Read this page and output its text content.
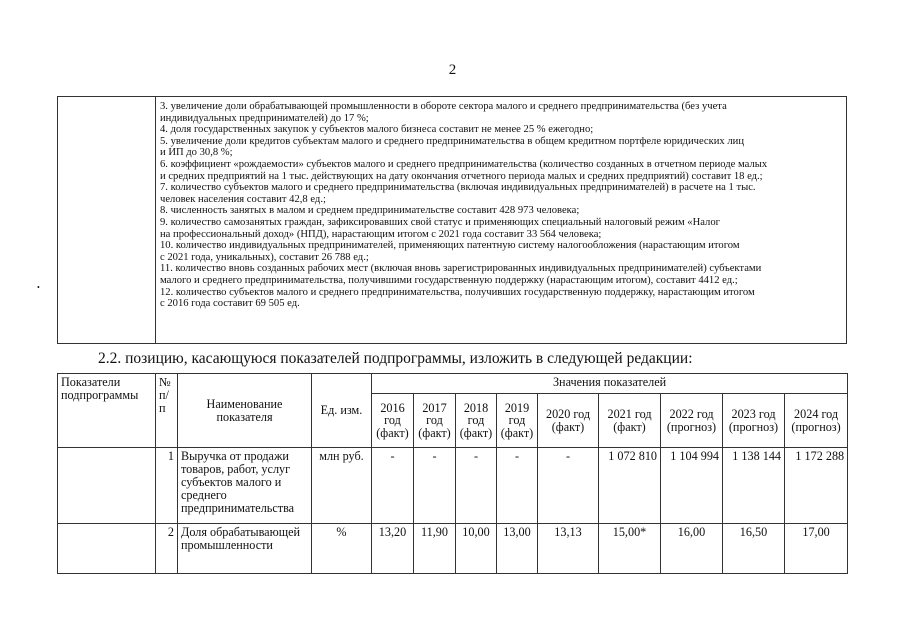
2
•
3. увеличение доли обрабатывающей промышленности в обороте сектора малого и среднего предпринимательства (без учета
индивидуальных предпринимателей) до 17 %;
4. доля государственных закупок у субъектов малого бизнеса составит не менее 25 % ежегодно;
5. увеличение доли кредитов субъектам малого и среднего предпринимательства в общем кредитном портфеле юридических лиц
и ИП до 30,8 %;
6. коэффициент «рождаемости» субъектов малого и среднего предпринимательства (количество созданных в отчетном периоде малых
и средних предприятий на 1 тыс. действующих на дату окончания отчетного периода малых и средних предприятий) составит 18 ед.;
7. количество субъектов малого и среднего предпринимательства (включая индивидуальных предпринимателей) в расчете на 1 тыс.
человек населения составит 42,8 ед.;
8. численность занятых в малом и среднем предпринимательстве составит 428 973 человека;
9. количество самозанятых граждан, зафиксировавших свой статус и применяющих специальный налоговый режим «Налог
на профессиональный доход» (НПД), нарастающим итогом с 2021 года составит 33 564 человека;
10. количество индивидуальных предпринимателей, применяющих патентную систему налогообложения (нарастающим итогом
с 2021 года, уникальных), составит 26 788 ед.;
11. количество вновь созданных рабочих мест (включая вновь зарегистрированных индивидуальных предпринимателей) субъектами
малого и среднего предпринимательства, получившими государственную поддержку (нарастающим итогом), составит 4412 ед.;
12. количество субъектов малого и среднего предпринимательства, получивших государственную поддержку, нарастающим итогом
с 2016 года составит 69 505 ед.
2.2. позицию, касающуюся показателей подпрограммы, изложить в следующей редакции:
Показатели подпрограммы	№ п/п	Наименование показателя	Ед. изм.	Значения показателей								
				2016 год (факт)	2017 год (факт)	2018 год (факт)	2019 год (факт)	2020 год (факт)	2021 год (факт)	2022 год (прогноз)	2023 год (прогноз)	2024 год (прогноз)
	1	Выручка от продажи товаров, работ, услуг субъектов малого и среднего предпринимательства	млн руб.	-	-	-	-	-	1 072 810	1 104 994	1 138 144	1 172 288
	2	Доля обрабатывающей промышленности	%	13,20	11,90	10,00	13,00	13,13	15,00*	16,00	16,50	17,00
